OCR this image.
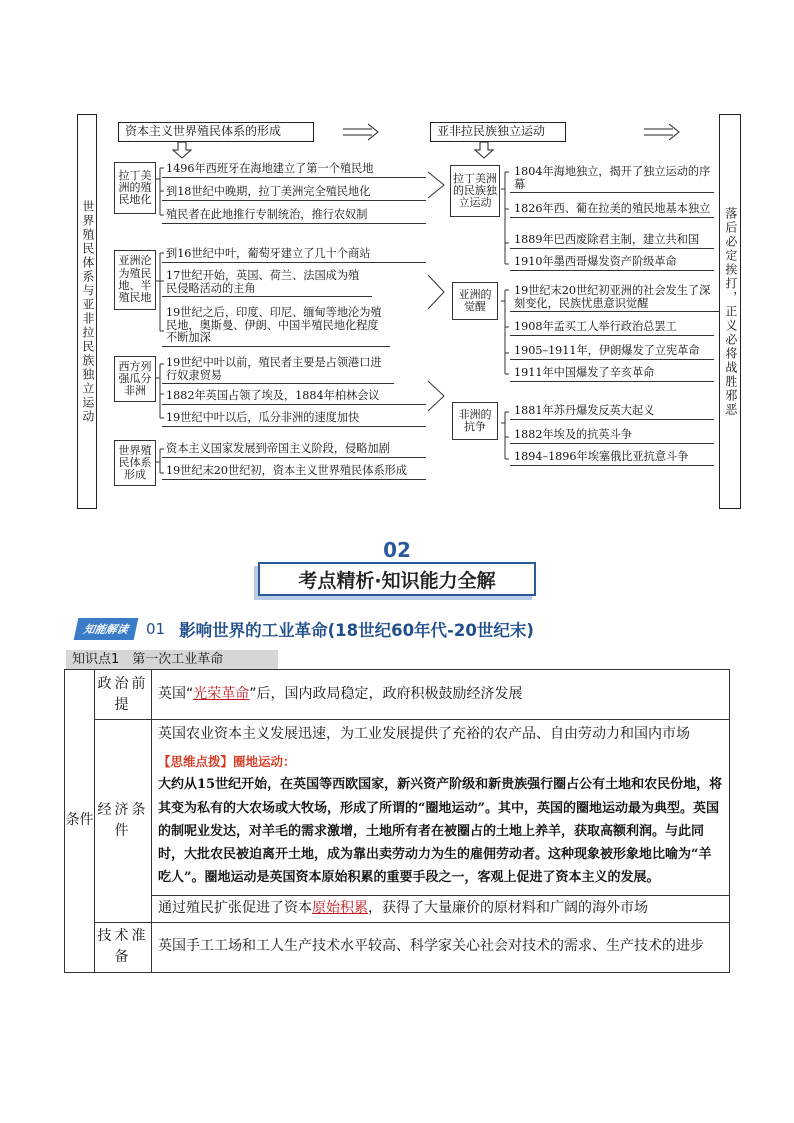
世界殖民体系与亚非拉民族独立运动	落后必定挨打，正义必将战胜邪恶
资本主义世界殖民体系的形成	亚非拉民族独立运动
拉丁美洲的殖民地化
亚洲沦为殖民地、半殖民地
西方列强瓜分非洲
世界殖民体系形成
1496年西班牙在海地建立了第一个殖民地
到18世纪中晚期，拉丁美洲完全殖民地化
殖民者在此地推行专制统治，推行农奴制
到16世纪中叶，葡萄牙建立了几十个商站
17世纪开始，英国、荷兰、法国成为殖民侵略活动的主角
19世纪之后，印度、印尼、缅甸等地沦为殖民地，奥斯曼、伊朗、中国半殖民地化程度不断加深
19世纪中叶以前，殖民者主要是占领港口进行奴隶贸易
1882年英国占领了埃及，1884年柏林会议
19世纪中叶以后，瓜分非洲的速度加快
资本主义国家发展到帝国主义阶段，侵略加剧
19世纪末20世纪初，资本主义世界殖民体系形成
拉丁美洲的民族独立运动
亚洲的觉醒
非洲的抗争
1804年海地独立，揭开了独立运动的序幕
1826年西、葡在拉美的殖民地基本独立
1889年巴西废除君主制，建立共和国
1910年墨西哥爆发资产阶级革命
19世纪末20世纪初亚洲的社会发生了深刻变化，民族忧患意识觉醒
1908年孟买工人举行政治总罢工
1905–1911年，伊朗爆发了立宪革命
1911年中国爆发了辛亥革命
1881年苏丹爆发反英大起义
1882年埃及的抗英斗争
1894–1896年埃塞俄比亚抗意斗争
02
考点精析·知识能力全解
知能解读	01 影响世界的工业革命(18世纪60年代-20世纪末)
知识点1　第一次工业革命
条件	政治前提	英国“光荣革命”后，国内政局稳定，政府积极鼓励经济发展
	经济条件	英国农业资本主义发展迅速，为工业发展提供了充裕的农产品、自由劳动力和国内市场
【思维点拨】圈地运动：
大约从15世纪开始，在英国等西欧国家，新兴资产阶级和新贵族强行圈占公有土地和农民份地，将其变为私有的大农场或大牧场，形成了所谓的“圈地运动”。其中，英国的圈地运动最为典型。英国的制呢业发达，对羊毛的需求激增，土地所有者在被圈占的土地上养羊，获取高额利润。与此同时，大批农民被迫离开土地，成为靠出卖劳动力为生的雇佣劳动者。这种现象被形象地比喻为“羊吃人”。圈地运动是英国资本原始积累的重要手段之一，客观上促进了资本主义的发展。

		通过殖民扩张促进了资本原始积累，获得了大量廉价的原材料和广阔的海外市场
	技术准备	英国手工工场和工人生产技术水平较高、科学家关心社会对技术的需求、生产技术的进步
